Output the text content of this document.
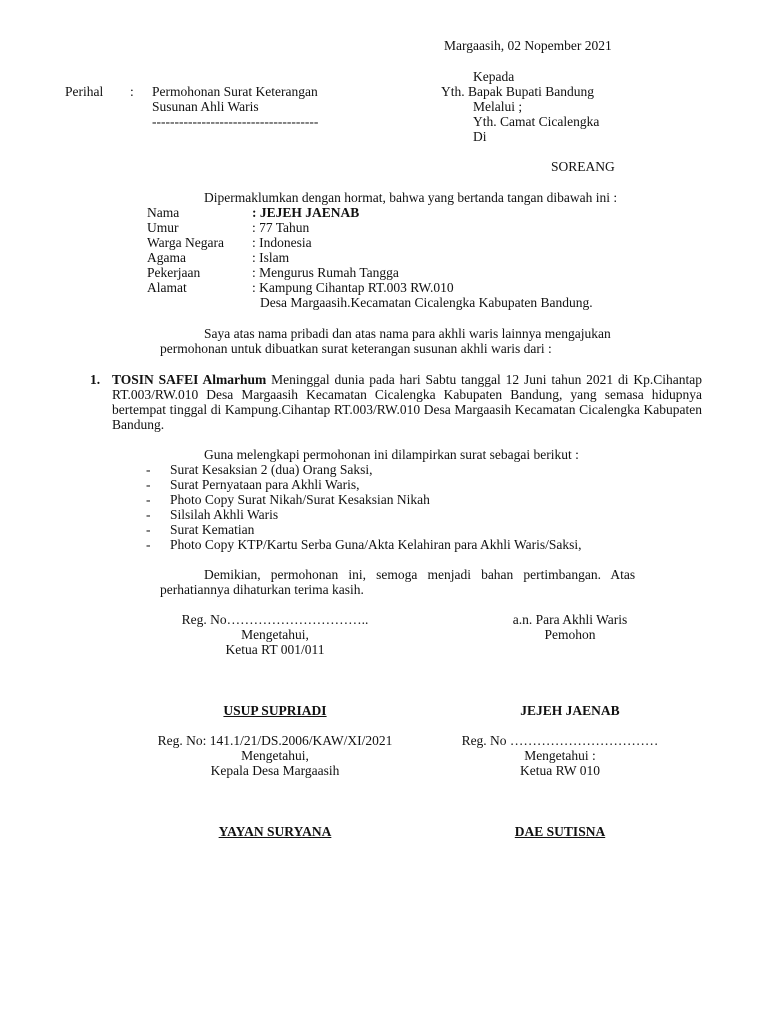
Margaasih, 02 Nopember 2021
Perihal : Permohonan Surat Keterangan
Susunan Ahli Waris
-------------------------------------
Kepada
Yth. Bapak Bupati Bandung
Melalui ;
Yth. Camat Cicalengka
Di
SOREANG
Dipermaklumkan dengan hormat, bahwa yang bertanda tangan dibawah ini :
Nama	: JEJEH JAENAB
Umur	: 77 Tahun
Warga Negara : Indonesia
Agama	: Islam
Pekerjaan	: Mengurus Rumah Tangga
Alamat	: Kampung Cihantap RT.003 RW.010
Desa Margaasih.Kecamatan Cicalengka Kabupaten Bandung.
Saya atas nama pribadi dan atas nama para akhli waris lainnya mengajukan
permohonan untuk dibuatkan surat keterangan susunan akhli waris dari :
1. TOSIN SAFEI Almarhum Meninggal dunia pada hari Sabtu tanggal 12 Juni tahun 2021 di Kp.Cihantap RT.003/RW.010 Desa Margaasih Kecamatan Cicalengka Kabupaten Bandung, yang semasa hidupnya bertempat tinggal di Kampung.Cihantap RT.003/RW.010 Desa Margaasih Kecamatan Cicalengka Kabupaten Bandung.
Guna melengkapi permohonan ini dilampirkan surat sebagai berikut :
- Surat Kesaksian 2 (dua) Orang Saksi,
- Surat Pernyataan para Akhli Waris,
- Photo Copy Surat Nikah/Surat Kesaksian Nikah
- Silsilah Akhli Waris
- Surat Kematian
- Photo Copy KTP/Kartu Serba Guna/Akta Kelahiran para Akhli Waris/Saksi,
Demikian,   permohonan   ini,   semoga   menjadi   bahan   pertimbangan.   Atas
perhatiannya dihaturkan terima kasih.
Reg. No…………………………..
Mengetahui,
Ketua RT 001/011
USUP SUPRIADI
a.n. Para Akhli Waris
Pemohon
JEJEH JAENAB
Reg. No: 141.1/21/DS.2006/KAW/XI/2021
Mengetahui,
Kepala Desa Margaasih
YAYAN SURYANA
Reg. No ……………………………
Mengetahui :
Ketua RW 010
DAE SUTISNA
